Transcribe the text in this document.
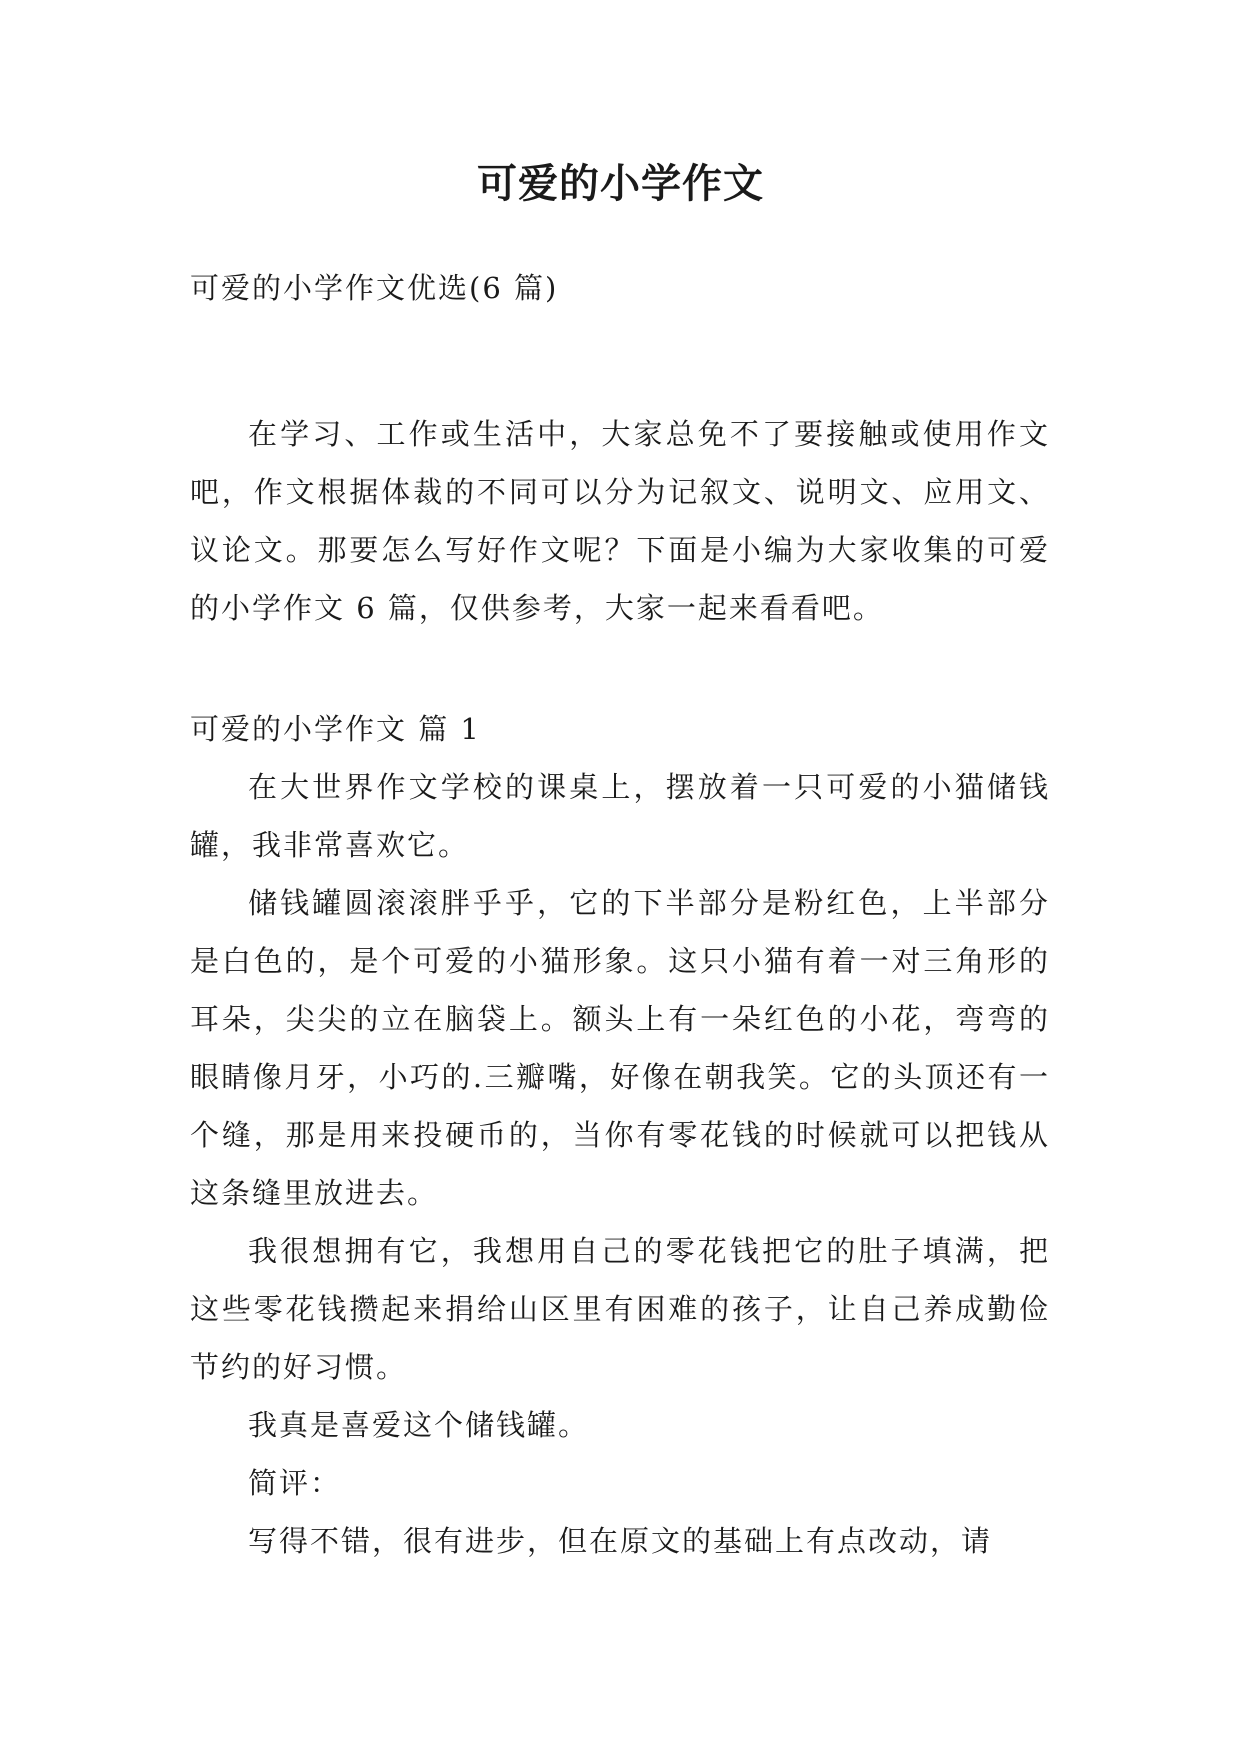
可爱的小学作文
可爱的小学作文优选(6 篇)

在学习、工作或生活中，大家总免不了要接触或使用作文吧，作文根据体裁的不同可以分为记叙文、说明文、应用文、议论文。那要怎么写好作文呢？下面是小编为大家收集的可爱的小学作文 6 篇，仅供参考，大家一起来看看吧。

可爱的小学作文 篇 1

在大世界作文学校的课桌上，摆放着一只可爱的小猫储钱罐，我非常喜欢它。

储钱罐圆滚滚胖乎乎，它的下半部分是粉红色，上半部分是白色的，是个可爱的小猫形象。这只小猫有着一对三角形的耳朵，尖尖的立在脑袋上。额头上有一朵红色的小花，弯弯的眼睛像月牙，小巧的.三瓣嘴，好像在朝我笑。它的头顶还有一个缝，那是用来投硬币的，当你有零花钱的时候就可以把钱从这条缝里放进去。

我很想拥有它，我想用自己的零花钱把它的肚子填满，把这些零花钱攒起来捐给山区里有困难的孩子，让自己养成勤俭节约的好习惯。

我真是喜爱这个储钱罐。

简评：

写得不错，很有进步，但在原文的基础上有点改动，请
